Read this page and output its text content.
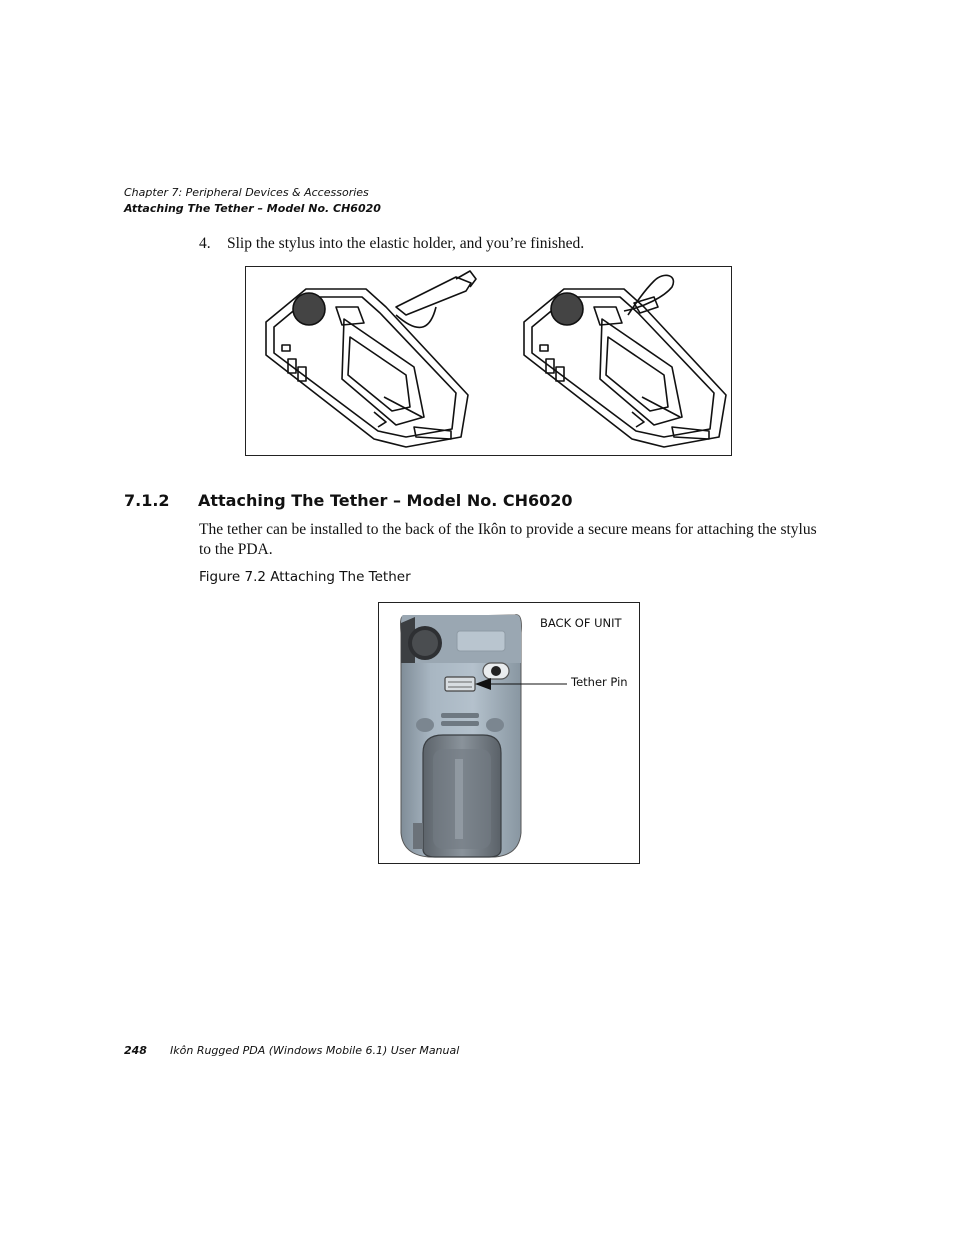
Chapter 7: Peripheral Devices & Accessories
Attaching The Tether – Model No. CH6020
4. Slip the stylus into the elastic holder, and you’re finished.
7.1.2 Attaching The Tether – Model No. CH6020
The tether can be installed to the back of the Ikôn to provide a secure means for attaching the stylus to the PDA.
Figure 7.2 Attaching The Tether
BACK OF UNIT
Tether Pin
248 Ikôn Rugged PDA (Windows Mobile 6.1) User Manual
